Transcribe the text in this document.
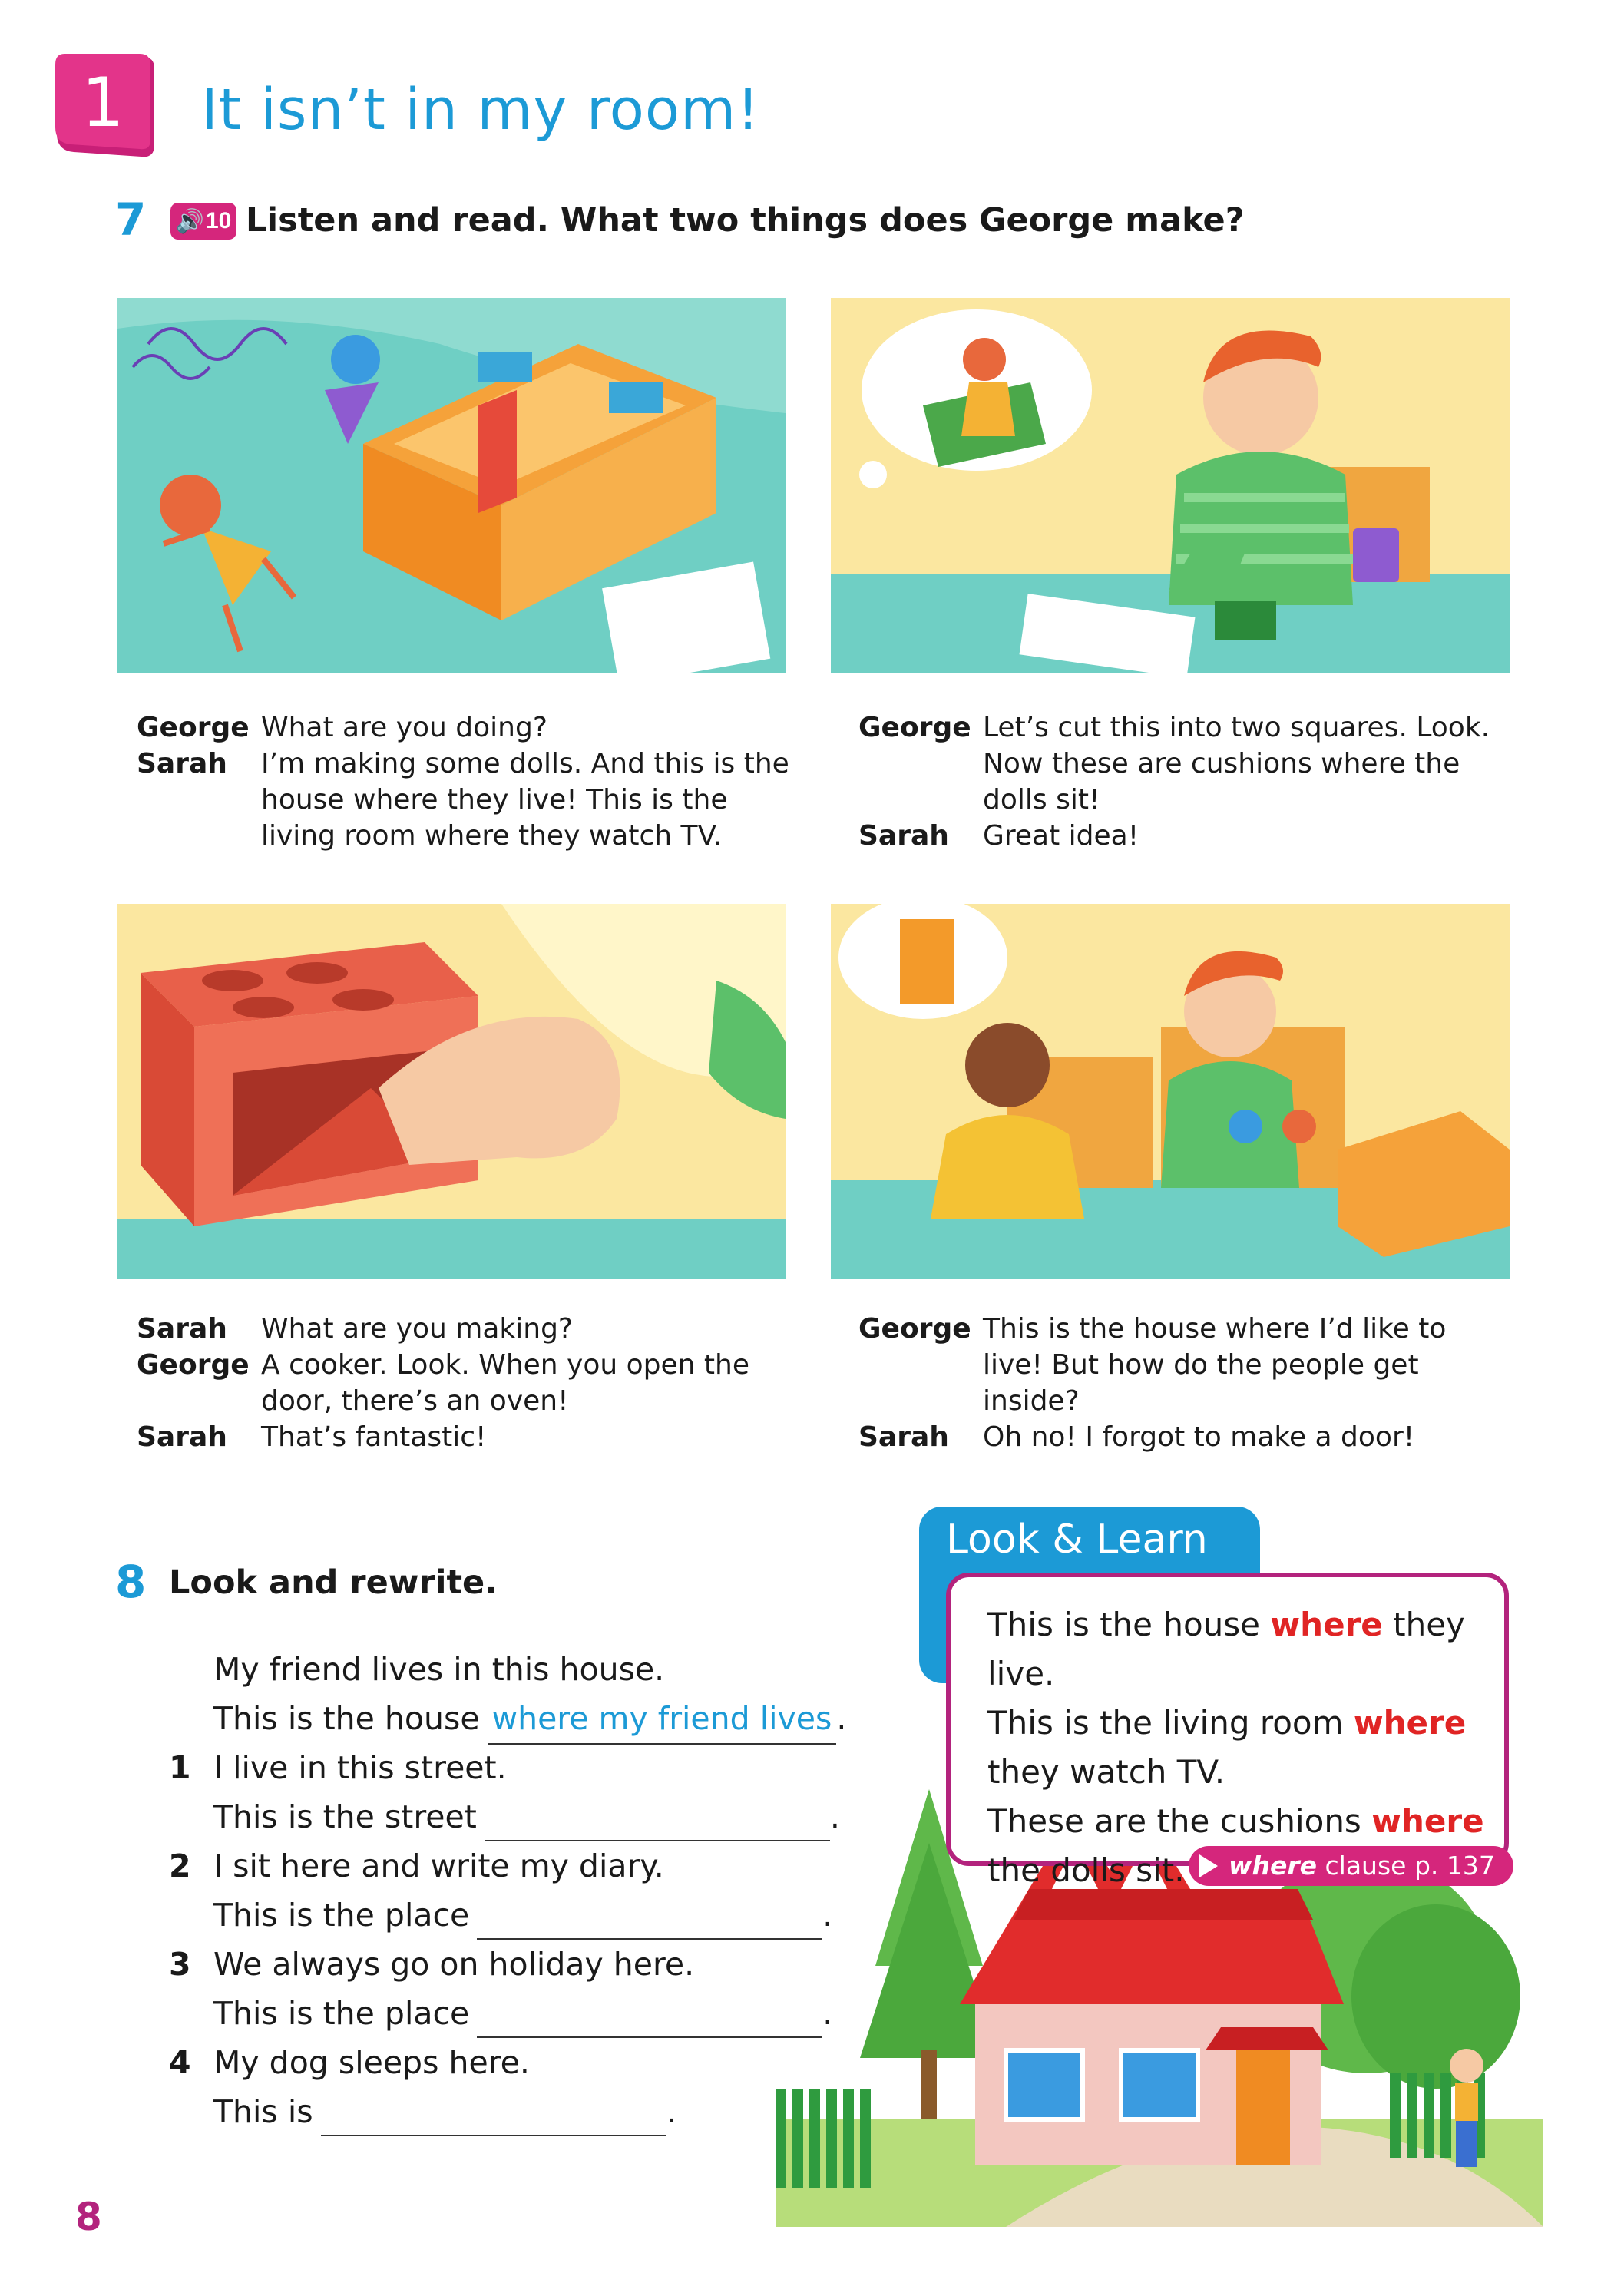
1 It isn’t in my room!
7 🔊 10 Listen and read. What two things does George make?
George What are you doing?
Sarah	I’m making some dolls. And this is the house where they live! This is the living room where they watch TV.
George Let’s cut this into two squares. Look. Now these are cushions where the dolls sit!
Sarah	Great idea!
Sarah	What are you making?
George A cooker. Look. When you open the door, there’s an oven!
Sarah	That’s fantastic!
George This is the house where I’d like to live! But how do the people get inside?
Sarah	Oh no! I forgot to make a door!
8 Look and rewrite.
My friend lives in this house.
This is the house where my friend lives .
1 I live in this street.
This is the street	.
2 I sit here and write my diary.
This is the place	.
3 We always go on holiday here.
This is the place	.
4 My dog sleeps here.
This is	.
Look & Learn
This is the house where they live.
This is the living room where they watch TV.
These are the cushions where the dolls sit.	where clause p. 137
8
